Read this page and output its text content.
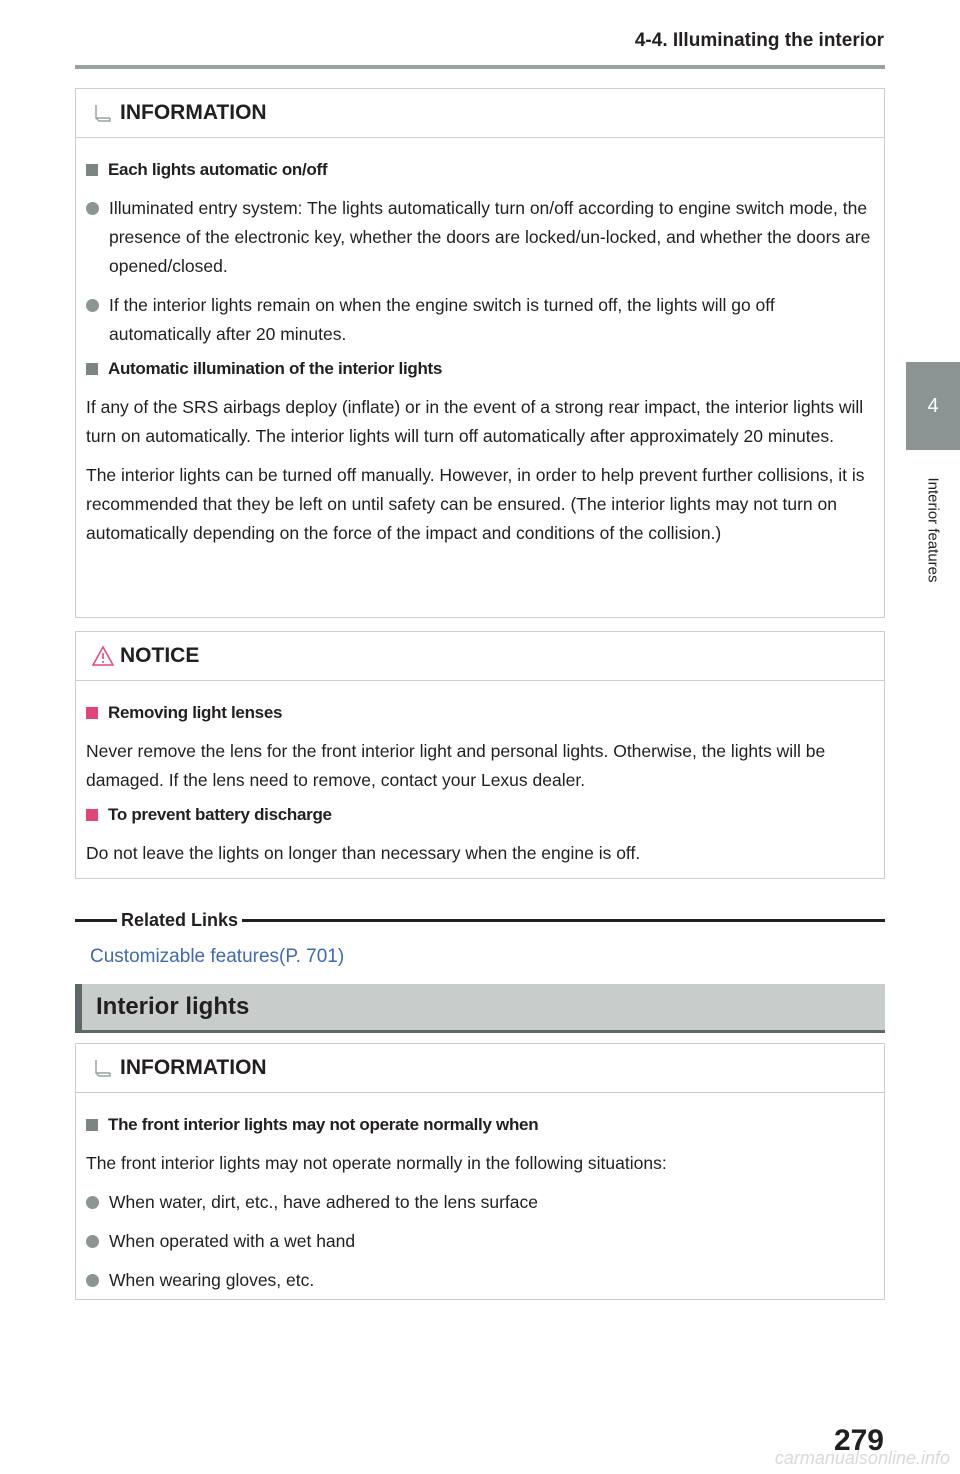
4-4. Illuminating the interior
4
Interior features
INFORMATION
Each lights automatic on/off
Illuminated entry system: The lights automatically turn on/off according to engine switch mode, the presence of the electronic key, whether the doors are locked/un-locked, and whether the doors are opened/closed.
If the interior lights remain on when the engine switch is turned off, the lights will go off automatically after 20 minutes.
Automatic illumination of the interior lights
If any of the SRS airbags deploy (inflate) or in the event of a strong rear impact, the interior lights will turn on automatically. The interior lights will turn off automatically after approximately 20 minutes.
The interior lights can be turned off manually. However, in order to help prevent further collisions, it is recommended that they be left on until safety can be ensured. (The interior lights may not turn on automatically depending on the force of the impact and conditions of the collision.)
NOTICE
Removing light lenses
Never remove the lens for the front interior light and personal lights. Otherwise, the lights will be damaged. If the lens need to remove, contact your Lexus dealer.
To prevent battery discharge
Do not leave the lights on longer than necessary when the engine is off.
Related Links
Customizable features(P. 701)
Interior lights
INFORMATION
The front interior lights may not operate normally when
The front interior lights may not operate normally in the following situations:
When water, dirt, etc., have adhered to the lens surface
When operated with a wet hand
When wearing gloves, etc.
279
carmanualsonline.info
